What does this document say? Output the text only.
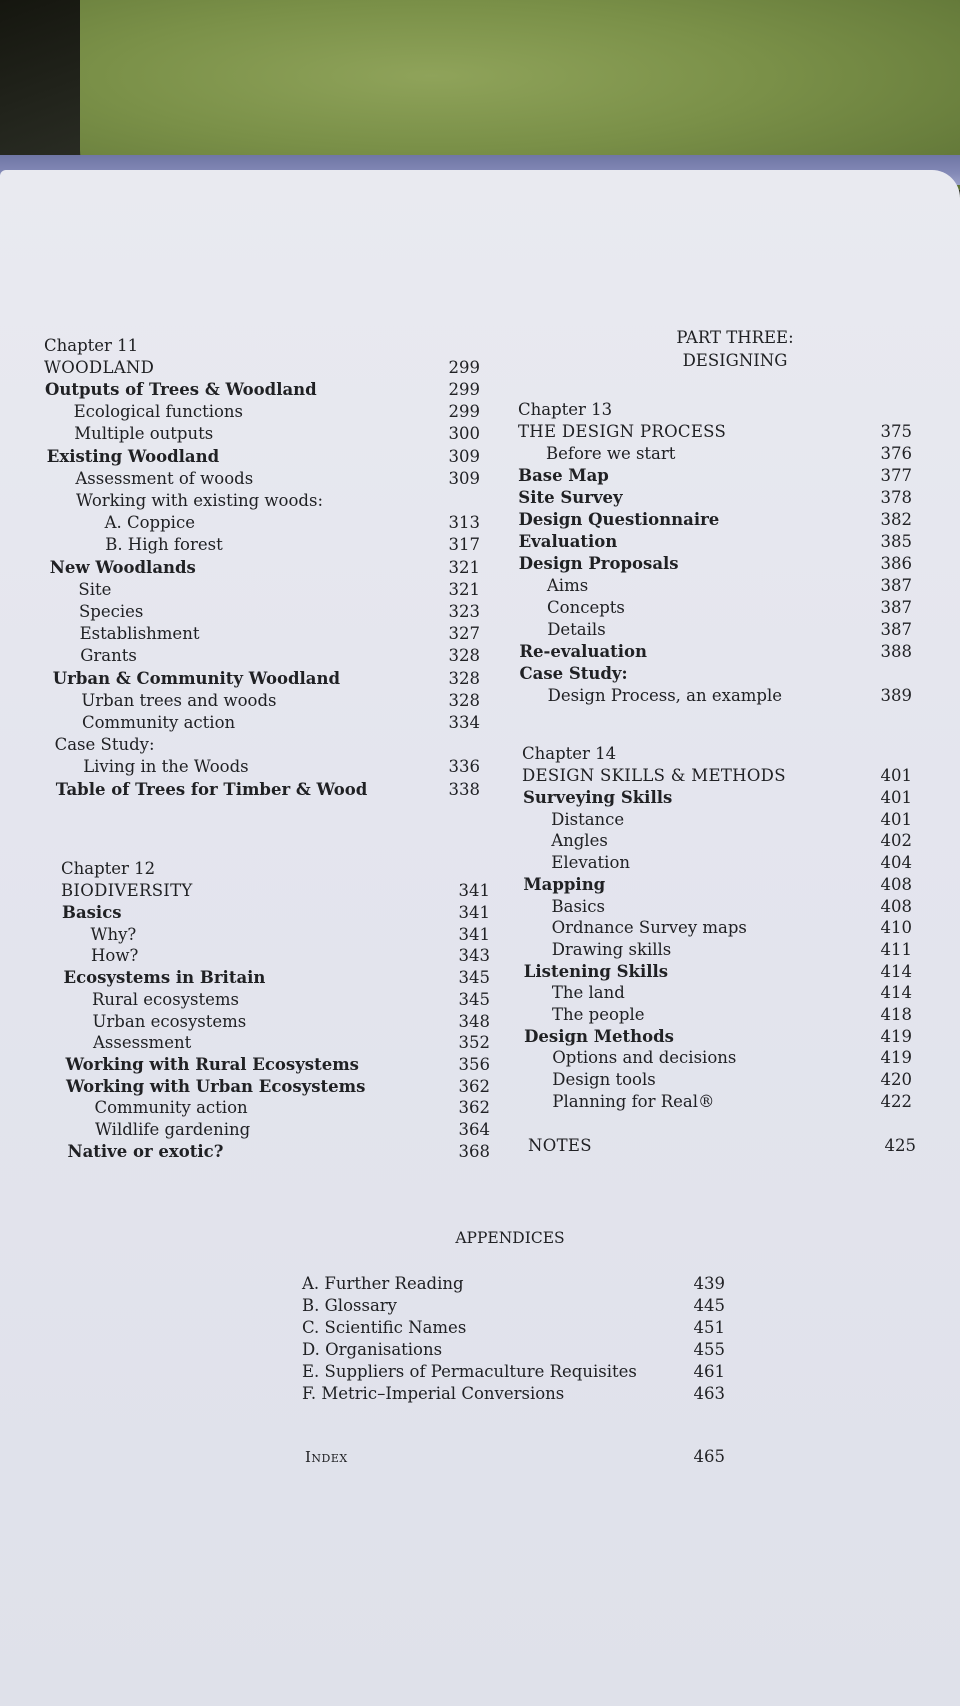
Chapter 11
WOODLAND	299
Outputs of Trees & Woodland	299
Ecological functions	299
Multiple outputs	300
Existing Woodland	309
Assessment of woods	309
Working with existing woods:
A. Coppice	313
B. High forest	317
New Woodlands	321
Site	321
Species	323
Establishment	327
Grants	328
Urban & Community Woodland	328
Urban trees and woods	328
Community action	334
Case Study:
Living in the Woods	336
Table of Trees for Timber & Wood	338
Chapter 12
BIODIVERSITY	341
Basics	341
Why?	341
How?	343
Ecosystems in Britain	345
Rural ecosystems	345
Urban ecosystems	348
Assessment	352
Working with Rural Ecosystems	356
Working with Urban Ecosystems	362
Community action	362
Wildlife gardening	364
Native or exotic?	368
PART THREE:
DESIGNING
Chapter 13
THE DESIGN PROCESS	375
Before we start	376
Base Map	377
Site Survey	378
Design Questionnaire	382
Evaluation	385
Design Proposals	386
Aims	387
Concepts	387
Details	387
Re-evaluation	388
Case Study:
Design Process, an example	389
Chapter 14
DESIGN SKILLS & METHODS	401
Surveying Skills	401
Distance	401
Angles	402
Elevation	404
Mapping	408
Basics	408
Ordnance Survey maps	410
Drawing skills	411
Listening Skills	414
The land	414
The people	418
Design Methods	419
Options and decisions	419
Design tools	420
Planning for Real®	422
NOTES	425
APPENDICES
A. Further Reading	439
B. Glossary	445
C. Scientific Names	451
D. Organisations	455
E. Suppliers of Permaculture Requisites	461
F. Metric–Imperial Conversions	463
Index	465
